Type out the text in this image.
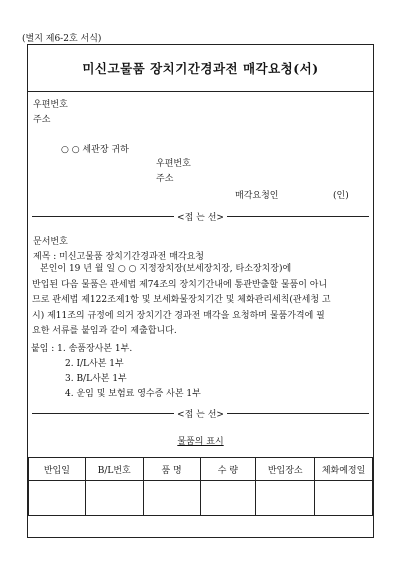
(별지 제6-2호 서식)
미신고물품 장치기간경과전 매각요청(서)
우편번호
주소
○ ○ 세관장 귀하
우편번호
주소
매각요청인	(인)
<접 는 선>
문서번호
제목 : 미신고물품 장치기간경과전 매각요청
본인이 19 년 월 일 ○ ○ 지정장치장(보세장치장, 타소장치장)에
반입된 다음 물품은 관세법 제74조의 장치기간내에 통관반출할 물품이 아니
므로 관세법 제122조제1항 및 보세화물장치기간 및 체화관리세칙(관세청 고
시) 제11조의 규정에 의거 장치기간 경과전 매각을 요청하며 물품가격에 필
요한 서류를 붙임과 같이 제출합니다.
붙임 : 1. 송품장사본 1부.
2. I/L사본 1부
3. B/L사본 1부
4. 운임 및 보험료 영수증 사본 1부
<접 는 선>
물품의 표시
반입일	B/L번호	품 명	수 량	반입장소	체화예정일
